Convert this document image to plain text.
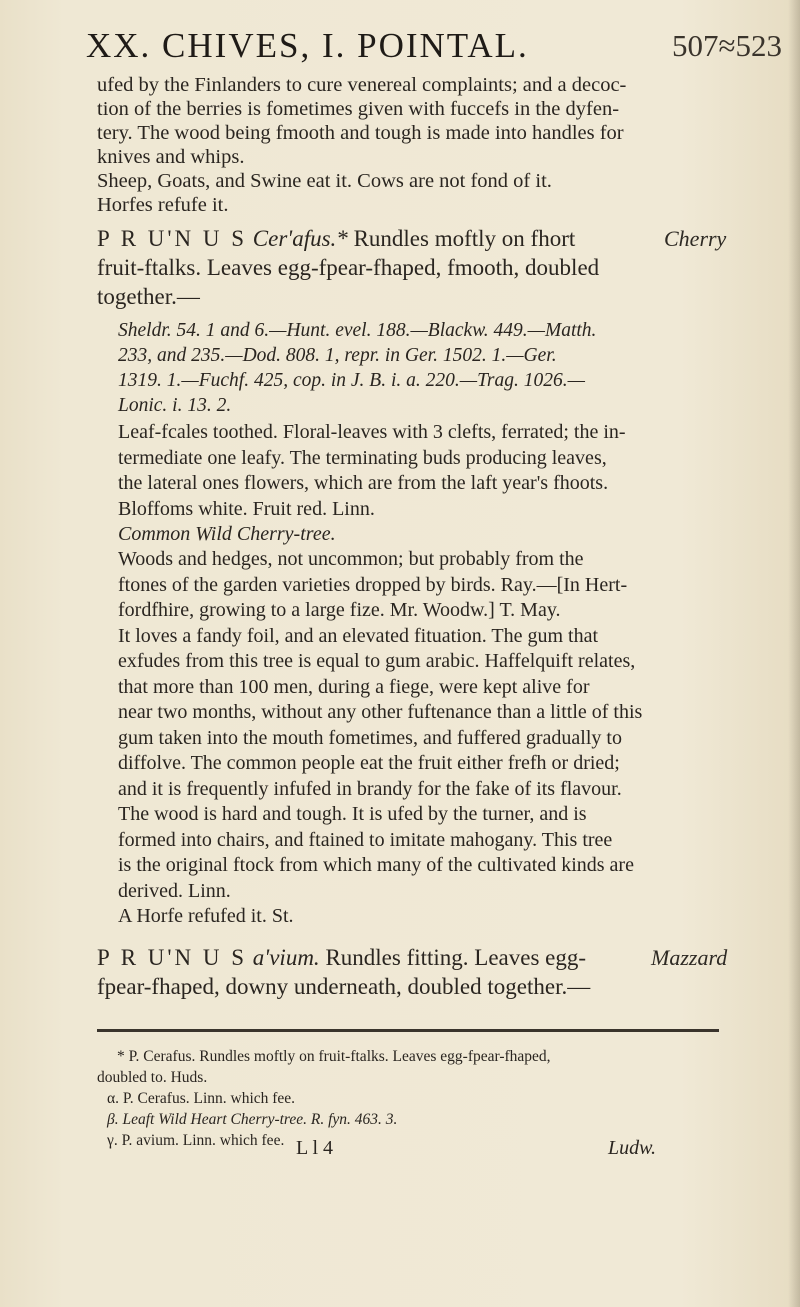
XX. CHIVES, I. POINTAL.	507≈523
ufed by the Finlanders to cure venereal complaints; and a decoc-
tion of the berries is fometimes given with fuccefs in the dyfen-
tery. The wood being fmooth and tough is made into handles for
knives and whips.
Sheep, Goats, and Swine eat it. Cows are not fond of it.
Horfes refufe it.
P R U'N U S Cer'afus.* Rundles moftly on fhort	Cherry
fruit-ftalks. Leaves egg-fpear-fhaped, fmooth, doubled
together.—
Sheldr. 54. 1 and 6.—Hunt. evel. 188.—Blackw. 449.—Matth.
233, and 235.—Dod. 808. 1, repr. in Ger. 1502. 1.—Ger.
1319. 1.—Fuchf. 425, cop. in J. B. i. a. 220.—Trag. 1026.—
Lonic. i. 13. 2.
Leaf-fcales toothed. Floral-leaves with 3 clefts, ferrated; the in-
termediate one leafy. The terminating buds producing leaves,
the lateral ones flowers, which are from the laft year's fhoots.
Bloffoms white. Fruit red. Linn.
Common Wild Cherry-tree.
Woods and hedges, not uncommon; but probably from the
ftones of the garden varieties dropped by birds. Ray.—[In Hert-
fordfhire, growing to a large fize. Mr. Woodw.] T. May.
It loves a fandy foil, and an elevated fituation. The gum that
exfudes from this tree is equal to gum arabic. Haffelquift relates,
that more than 100 men, during a fiege, were kept alive for
near two months, without any other fuftenance than a little of this
gum taken into the mouth fometimes, and fuffered gradually to
diffolve. The common people eat the fruit either frefh or dried;
and it is frequently infufed in brandy for the fake of its flavour.
The wood is hard and tough. It is ufed by the turner, and is
formed into chairs, and ftained to imitate mahogany. This tree
is the original ftock from which many of the cultivated kinds are
derived. Linn.
A Horfe refufed it. St.
P R U'N U S a'vium. Rundles fitting. Leaves egg-	Mazzard
fpear-fhaped, downy underneath, doubled together.—
* P. Cerafus. Rundles moftly on fruit-ftalks. Leaves egg-fpear-fhaped,
doubled to. Huds.
α. P. Cerafus. Linn. which fee.
β. Leaft Wild Heart Cherry-tree. R. fyn. 463. 3.
γ. P. avium. Linn. which fee. L l 4	Ludw.
